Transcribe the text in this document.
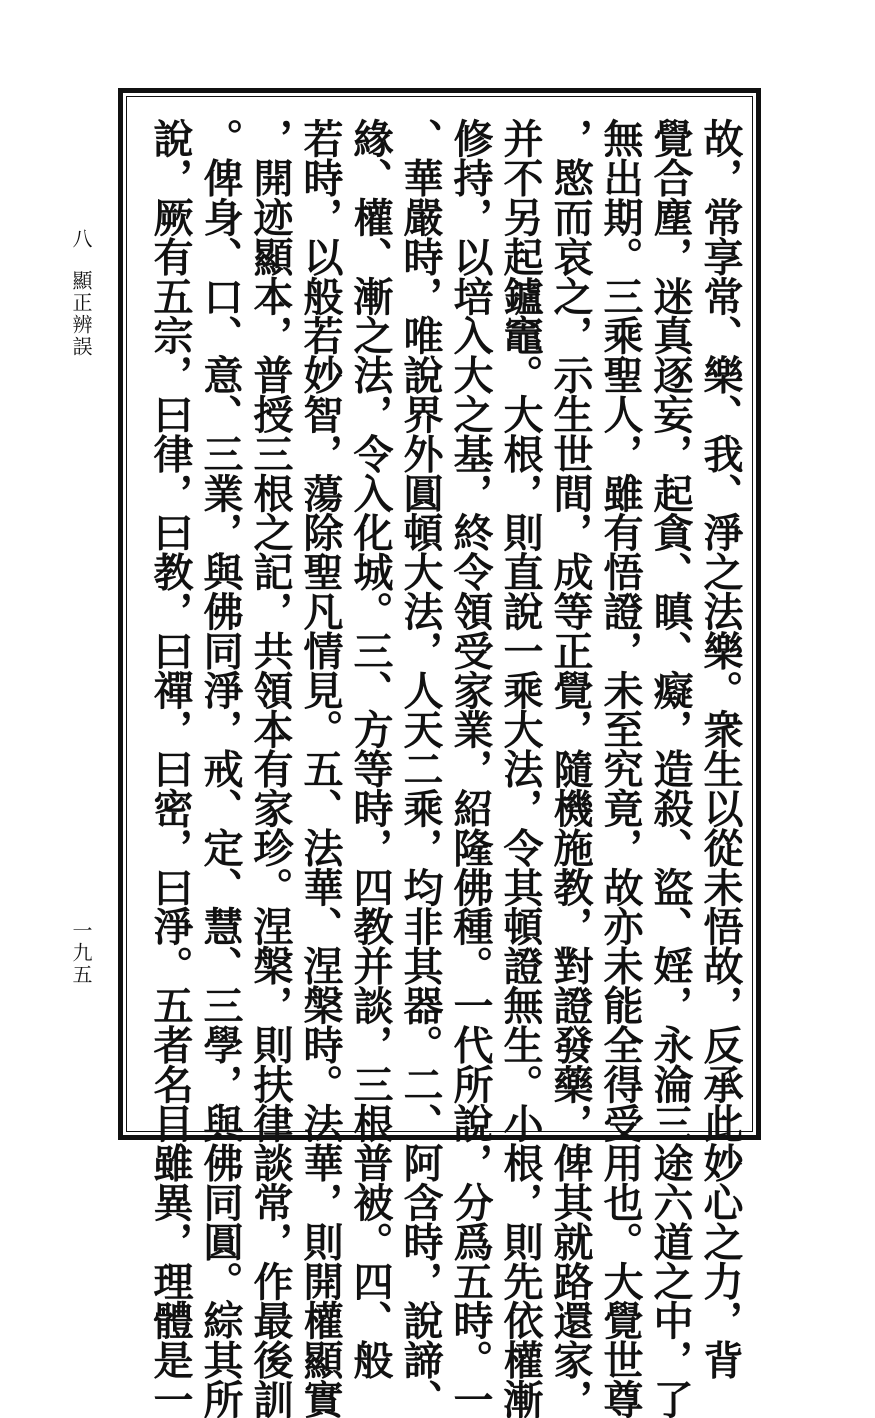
八
顯正辨誤
一九五	故，常享常、樂、我、淨之法樂。衆生以從未悟故，反承此妙心之力，背
覺合塵，迷真逐妄，起貪、瞋、癡，造殺、盜、婬，永淪三途六道之中，了
無出期。三乘聖人，雖有悟證，未至究竟，故亦未能全得受用也。大覺世尊
，愍而哀之，示生世間，成等正覺，隨機施教，對證發藥，俾其就路還家，
并不另起鑪竈。大根，則直說一乘大法，令其頓證無生。小根，則先依權漸
修持，以培入大之基，終令領受家業，紹隆佛種。一代所說，分爲五時。一
、華嚴時，唯說界外圓頓大法，人天二乘，均非其器。二、阿含時，說諦、
緣、權、漸之法，令入化城。三、方等時，四教并談，三根普被。四、般
若時，以般若妙智，蕩除聖凡情見。五、法華、涅槃時。法華，則開權顯實
，開迹顯本，普授三根之記，共領本有家珍。涅槃，則扶律談常，作最後訓
。俾身、口、意、三業，與佛同淨，戒、定、慧、三學，與佛同圓。綜其所
說，厥有五宗，曰律，曰教，曰禪，曰密，曰淨。五者名目雖異，理體是一
